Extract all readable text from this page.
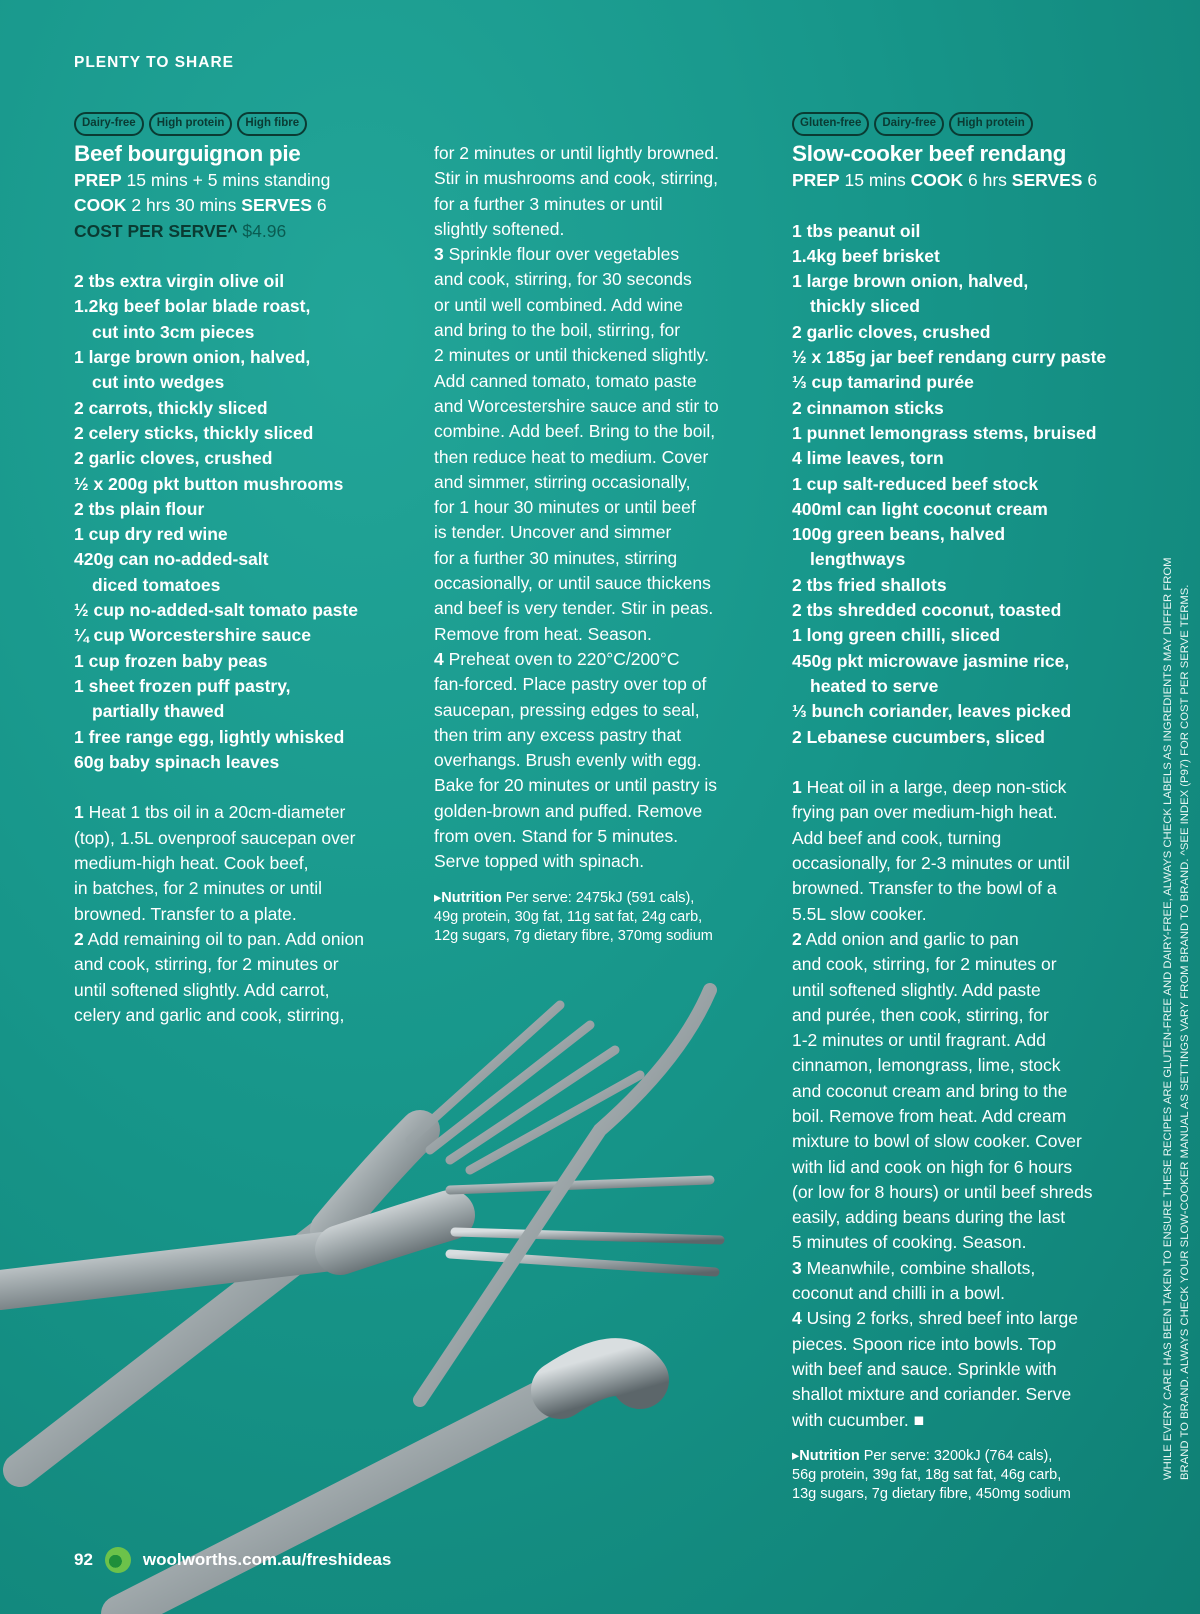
PLENTY TO SHARE
Dairy-free	High protein	High fibre
Beef bourguignon pie
PREP 15 mins + 5 mins standing
COOK 2 hrs 30 mins SERVES 6
COST PER SERVE^ $4.96
2 tbs extra virgin olive oil
1.2kg beef bolar blade roast,
cut into 3cm pieces
1 large brown onion, halved,
cut into wedges
2 carrots, thickly sliced
2 celery sticks, thickly sliced
2 garlic cloves, crushed
½ x 200g pkt button mushrooms
2 tbs plain flour
1 cup dry red wine
420g can no-added-salt
diced tomatoes
½ cup no-added-salt tomato paste
¼ cup Worcestershire sauce
1 cup frozen baby peas
1 sheet frozen puff pastry,
partially thawed
1 free range egg, lightly whisked
60g baby spinach leaves
1 Heat 1 tbs oil in a 20cm-diameter
(top), 1.5L ovenproof saucepan over
medium-high heat. Cook beef,
in batches, for 2 minutes or until
browned. Transfer to a plate.
2 Add remaining oil to pan. Add onion
and cook, stirring, for 2 minutes or
until softened slightly. Add carrot,
celery and garlic and cook, stirring,
for 2 minutes or until lightly browned.
Stir in mushrooms and cook, stirring,
for a further 3 minutes or until
slightly softened.
3 Sprinkle flour over vegetables
and cook, stirring, for 30 seconds
or until well combined. Add wine
and bring to the boil, stirring, for
2 minutes or until thickened slightly.
Add canned tomato, tomato paste
and Worcestershire sauce and stir to
combine. Add beef. Bring to the boil,
then reduce heat to medium. Cover
and simmer, stirring occasionally,
for 1 hour 30 minutes or until beef
is tender. Uncover and simmer
for a further 30 minutes, stirring
occasionally, or until sauce thickens
and beef is very tender. Stir in peas.
Remove from heat. Season.
4 Preheat oven to 220°C/200°C
fan-forced. Place pastry over top of
saucepan, pressing edges to seal,
then trim any excess pastry that
overhangs. Brush evenly with egg.
Bake for 20 minutes or until pastry is
golden-brown and puffed. Remove
from oven. Stand for 5 minutes.
Serve topped with spinach.
▸Nutrition Per serve: 2475kJ (591 cals),
49g protein, 30g fat, 11g sat fat, 24g carb,
12g sugars, 7g dietary fibre, 370mg sodium
Gluten-free	Dairy-free	High protein
Slow-cooker beef rendang
PREP 15 mins COOK 6 hrs SERVES 6
1 tbs peanut oil
1.4kg beef brisket
1 large brown onion, halved,
thickly sliced
2 garlic cloves, crushed
½ x 185g jar beef rendang curry paste
⅓ cup tamarind purée
2 cinnamon sticks
1 punnet lemongrass stems, bruised
4 lime leaves, torn
1 cup salt-reduced beef stock
400ml can light coconut cream
100g green beans, halved
lengthways
2 tbs fried shallots
2 tbs shredded coconut, toasted
1 long green chilli, sliced
450g pkt microwave jasmine rice,
heated to serve
⅓ bunch coriander, leaves picked
2 Lebanese cucumbers, sliced
1 Heat oil in a large, deep non-stick
frying pan over medium-high heat.
Add beef and cook, turning
occasionally, for 2-3 minutes or until
browned. Transfer to the bowl of a
5.5L slow cooker.
2 Add onion and garlic to pan
and cook, stirring, for 2 minutes or
until softened slightly. Add paste
and purée, then cook, stirring, for
1-2 minutes or until fragrant. Add
cinnamon, lemongrass, lime, stock
and coconut cream and bring to the
boil. Remove from heat. Add cream
mixture to bowl of slow cooker. Cover
with lid and cook on high for 6 hours
(or low for 8 hours) or until beef shreds
easily, adding beans during the last
5 minutes of cooking. Season.
3 Meanwhile, combine shallots,
coconut and chilli in a bowl.
4 Using 2 forks, shred beef into large
pieces. Spoon rice into bowls. Top
with beef and sauce. Sprinkle with
shallot mixture and coriander. Serve
with cucumber. ■
▸Nutrition Per serve: 3200kJ (764 cals),
56g protein, 39g fat, 18g sat fat, 46g carb,
13g sugars, 7g dietary fibre, 450mg sodium
WHILE EVERY CARE HAS BEEN TAKEN TO ENSURE THESE RECIPES ARE GLUTEN-FREE AND DAIRY-FREE, ALWAYS CHECK LABELS AS INGREDIENTS MAY DIFFER FROM BRAND TO BRAND. ALWAYS CHECK YOUR SLOW-COOKER MANUAL AS SETTINGS VARY FROM BRAND TO BRAND. ^SEE INDEX (P97) FOR COST PER SERVE TERMS.
92	woolworths.com.au/freshideas
